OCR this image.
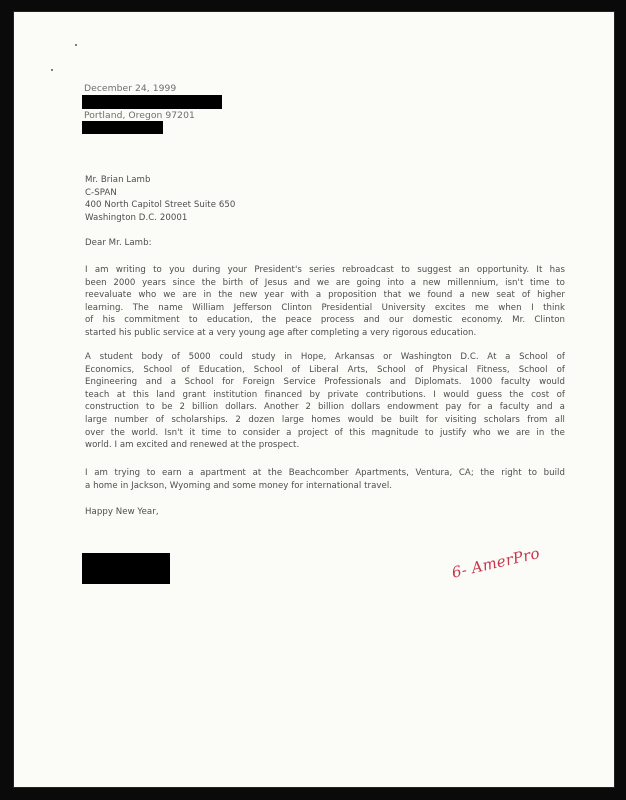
December 24, 1999
Portland, Oregon 97201
Mr. Brian Lamb
C-SPAN
400 North Capitol Street Suite 650
Washington D.C. 20001
Dear Mr. Lamb:
I am writing to you during your President's series rebroadcast to suggest an opportunity. It has
been 2000 years since the birth of Jesus and we are going into a new millennium, isn't time to
reevaluate who we are in the new year with a proposition that we found a new seat of higher
learning. The name William Jefferson Clinton Presidential University excites me when I think
of his commitment to education, the peace process and our domestic economy. Mr. Clinton
started his public service at a very young age after completing a very rigorous education.
A student body of 5000 could study in Hope, Arkansas or Washington D.C. At a School of
Economics, School of Education, School of Liberal Arts, School of Physical Fitness, School of
Engineering and a School for Foreign Service Professionals and Diplomats. 1000 faculty would
teach at this land grant institution financed by private contributions. I would guess the cost of
construction to be 2 billion dollars. Another 2 billion dollars endowment pay for a faculty and a
large number of scholarships. 2 dozen large homes would be built for visiting scholars from all
over the world. Isn't it time to consider a project of this magnitude to justify who we are in the
world. I am excited and renewed at the prospect.
I am trying to earn a apartment at the Beachcomber Apartments, Ventura, CA; the right to build
a home in Jackson, Wyoming and some money for international travel.
Happy New Year,
6- AmerPro
